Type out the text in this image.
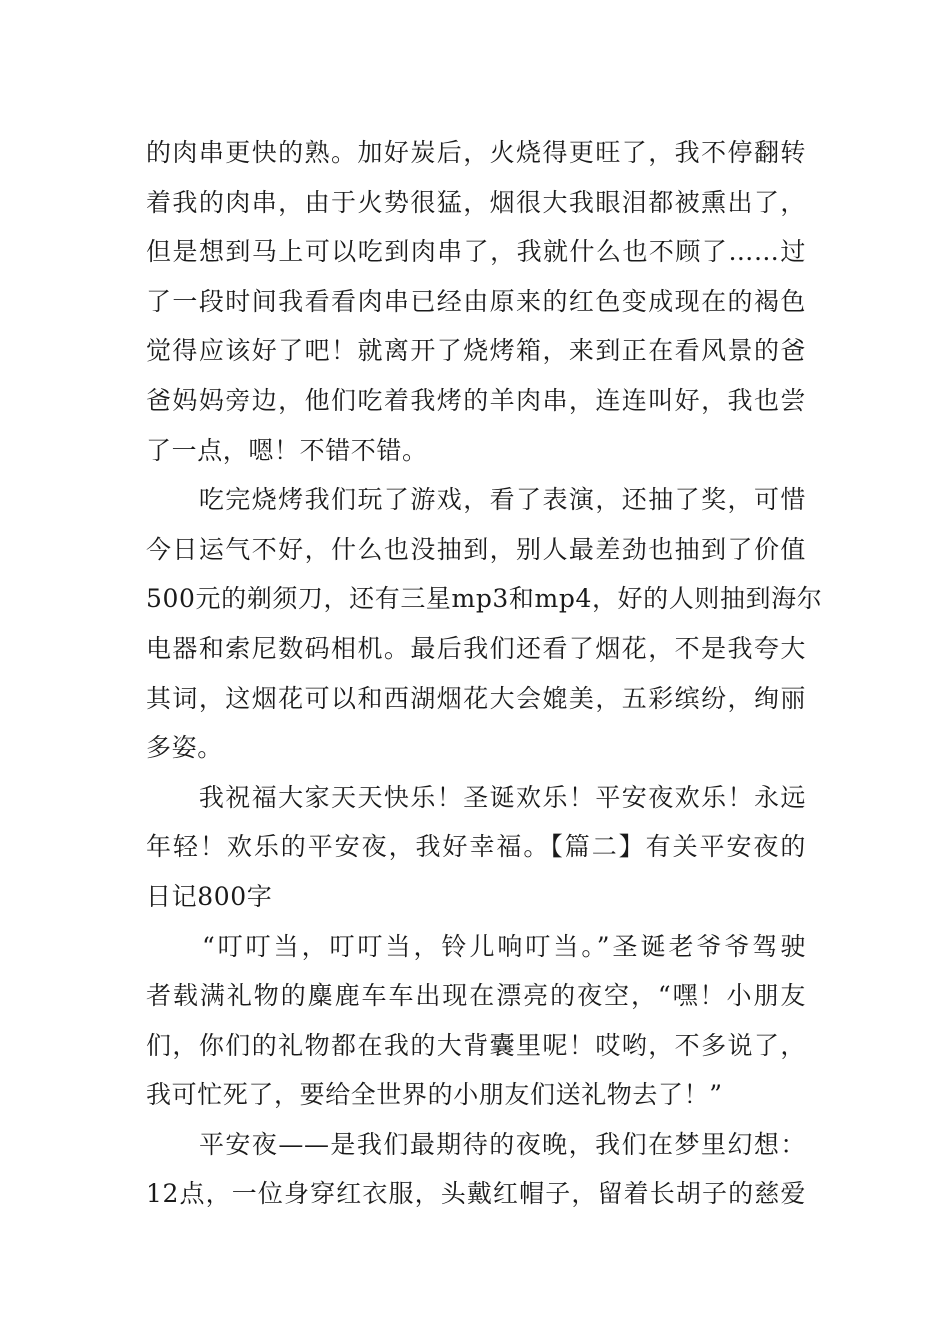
的肉串更快的熟。加好炭后，火烧得更旺了，我不停翻转
着我的肉串，由于火势很猛，烟很大我眼泪都被熏出了，
但是想到马上可以吃到肉串了，我就什么也不顾了……过
了一段时间我看看肉串已经由原来的红色变成现在的褐色
觉得应该好了吧！就离开了烧烤箱，来到正在看风景的爸
爸妈妈旁边，他们吃着我烤的羊肉串，连连叫好，我也尝
了一点，嗯！不错不错。
　　吃完烧烤我们玩了游戏，看了表演，还抽了奖，可惜
今日运气不好，什么也没抽到，别人最差劲也抽到了价值
500元的剃须刀，还有三星mp3和mp4，好的人则抽到海尔
电器和索尼数码相机。最后我们还看了烟花，不是我夸大
其词，这烟花可以和西湖烟花大会媲美，五彩缤纷，绚丽
多姿。
　　我祝福大家天天快乐！圣诞欢乐！平安夜欢乐！永远
年轻！欢乐的平安夜，我好幸福。【篇二】有关平安夜的
日记800字
　　“叮叮当，叮叮当，铃儿响叮当。”圣诞老爷爷驾驶
者载满礼物的麋鹿车车出现在漂亮的夜空，“嘿！小朋友
们，你们的礼物都在我的大背囊里呢！哎哟，不多说了，
我可忙死了，要给全世界的小朋友们送礼物去了！”
　　平安夜——是我们最期待的夜晚，我们在梦里幻想：
12点，一位身穿红衣服，头戴红帽子，留着长胡子的慈爱
